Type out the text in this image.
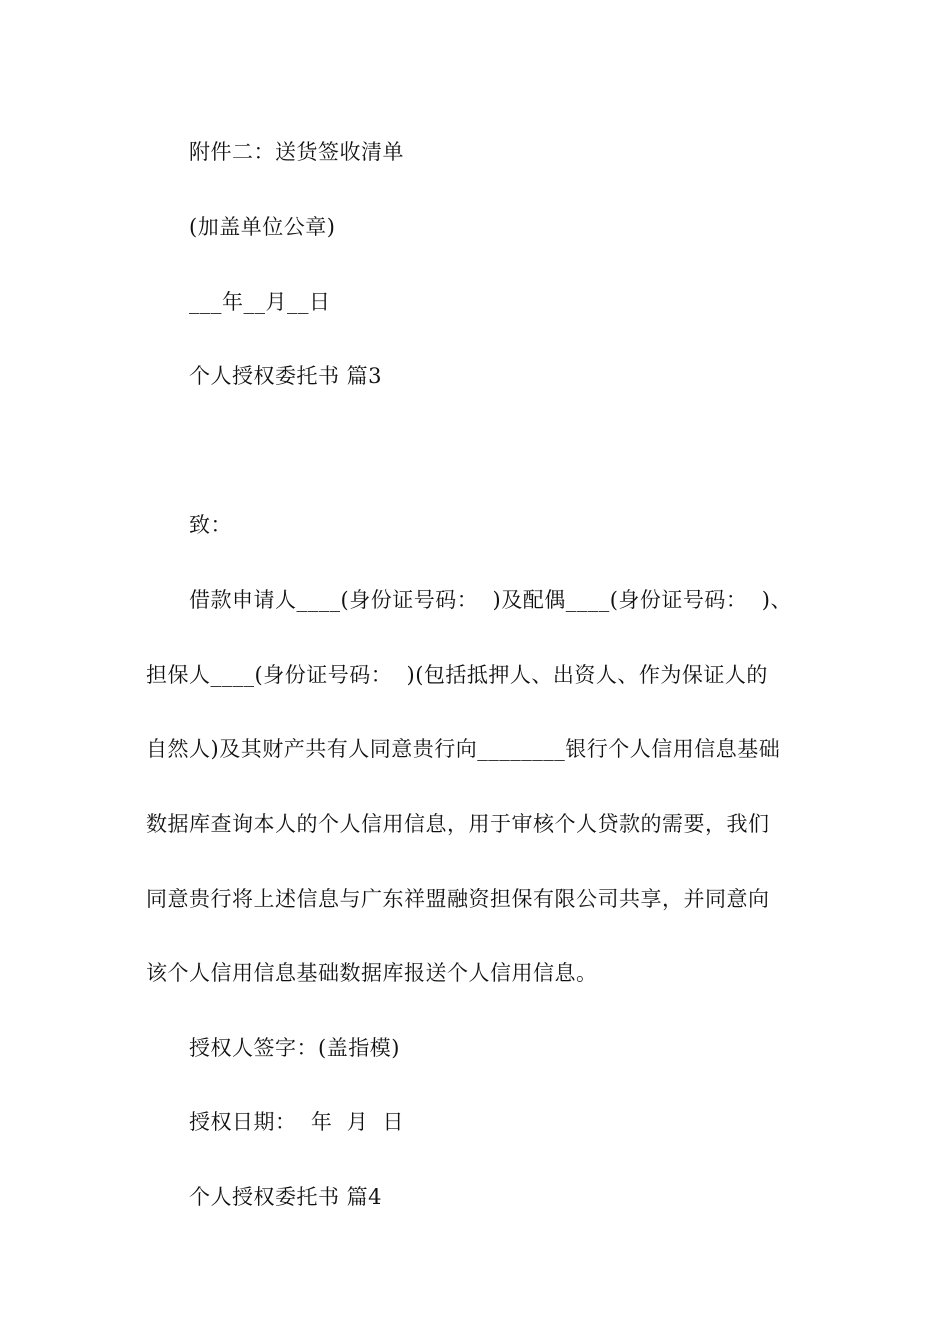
附件二：送货签收清单
(加盖单位公章)
___年__月__日
个人授权委托书 篇3
致：
借款申请人____(身份证号码：  )及配偶____(身份证号码：  )、
担保人____(身份证号码：  )(包括抵押人、出资人、作为保证人的
自然人)及其财产共有人同意贵行向________银行个人信用信息基础
数据库查询本人的个人信用信息，用于审核个人贷款的需要，我们
同意贵行将上述信息与广东祥盟融资担保有限公司共享，并同意向
该个人信用信息基础数据库报送个人信用信息。
授权人签字：(盖指模)
授权日期：  年  月  日
个人授权委托书 篇4
